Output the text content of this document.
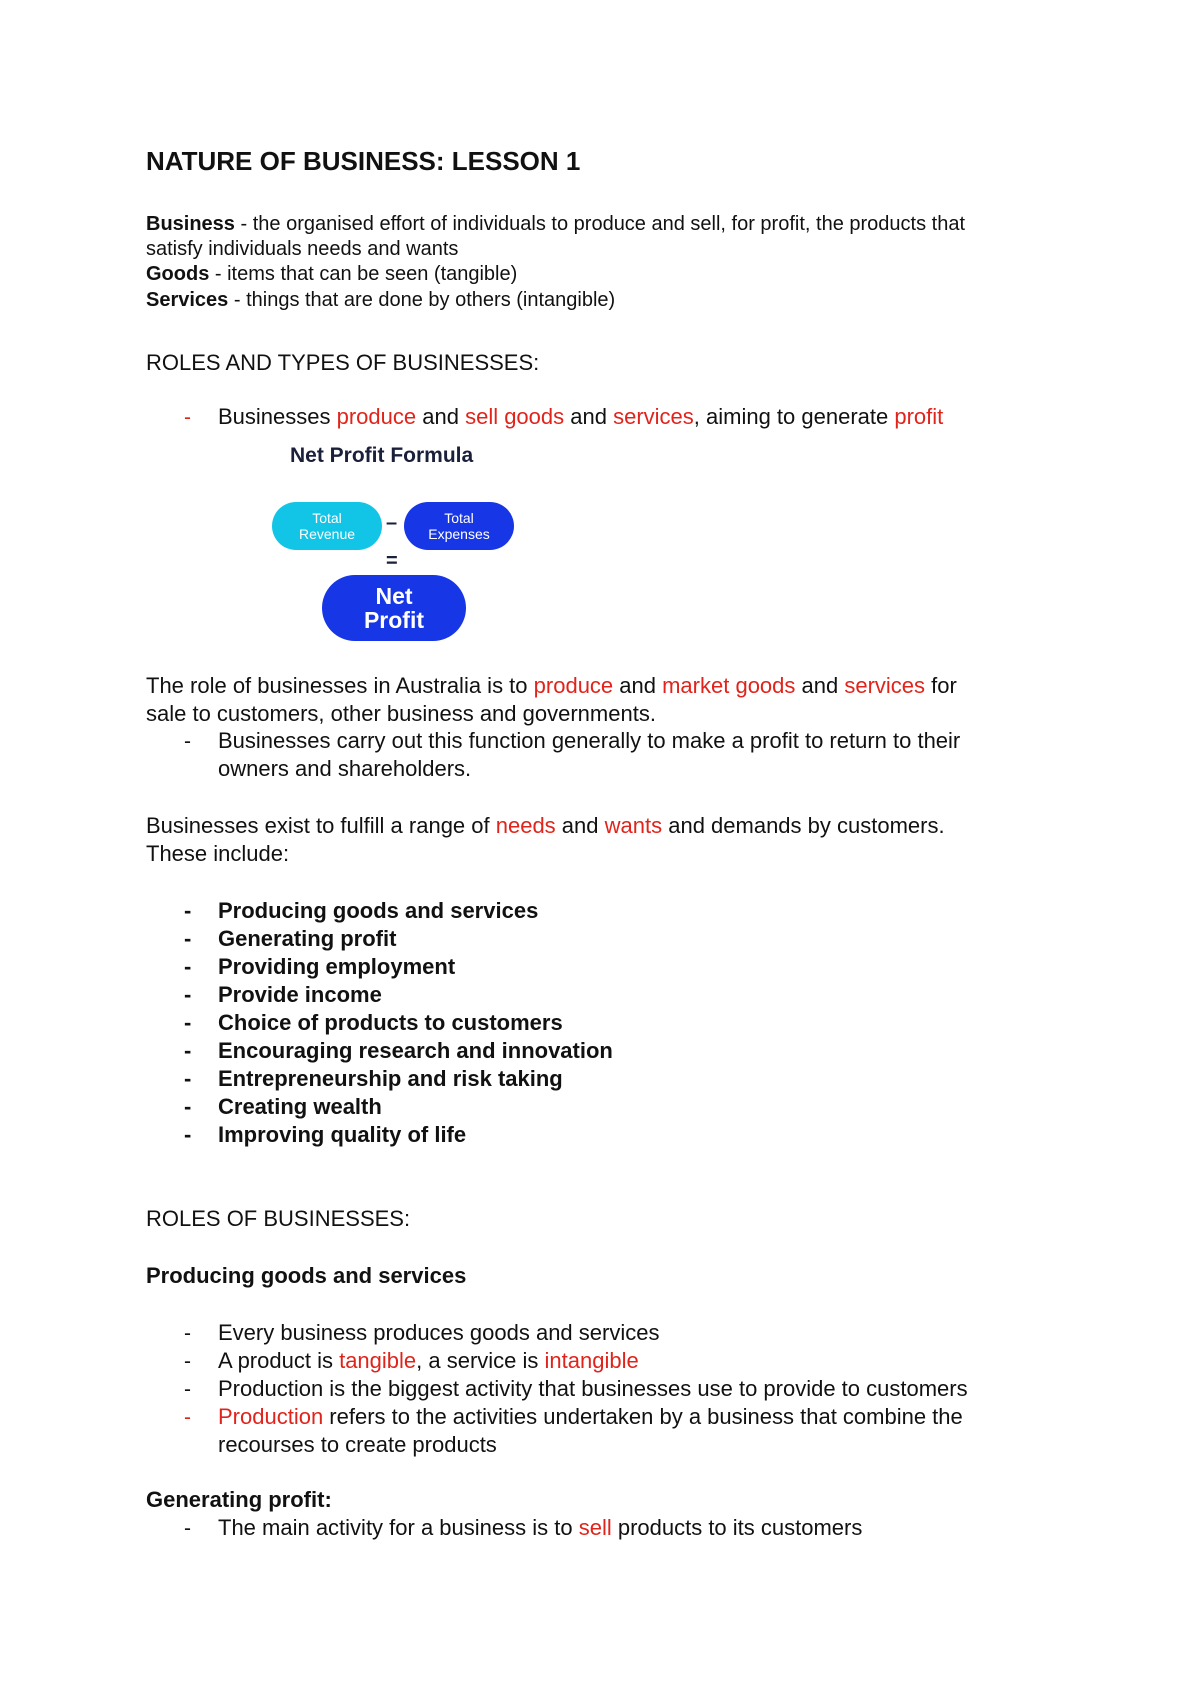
NATURE OF BUSINESS: LESSON 1
Business - the organised effort of individuals to produce and sell, for profit, the products that
satisfy individuals needs and wants
Goods - items that can be seen (tangible)
Services - things that are done by others (intangible)
ROLES AND TYPES OF BUSINESSES:
- Businesses produce and sell goods and services, aiming to generate profit
Net Profit Formula
Total
Revenue	–	Total
Expenses
=
Net
Profit
The role of businesses in Australia is to produce and market goods and services for
sale to customers, other business and governments.
- Businesses carry out this function generally to make a profit to return to their
owners and shareholders.
Businesses exist to fulfill a range of needs and wants and demands by customers.
These include:
- Producing goods and services
- Generating profit
- Providing employment
- Provide income
- Choice of products to customers
- Encouraging research and innovation
- Entrepreneurship and risk taking
- Creating wealth
- Improving quality of life
ROLES OF BUSINESSES:
Producing goods and services
- Every business produces goods and services
- A product is tangible, a service is intangible
- Production is the biggest activity that businesses use to provide to customers
- Production refers to the activities undertaken by a business that combine the
recourses to create products
Generating profit:
- The main activity for a business is to sell products to its customers
